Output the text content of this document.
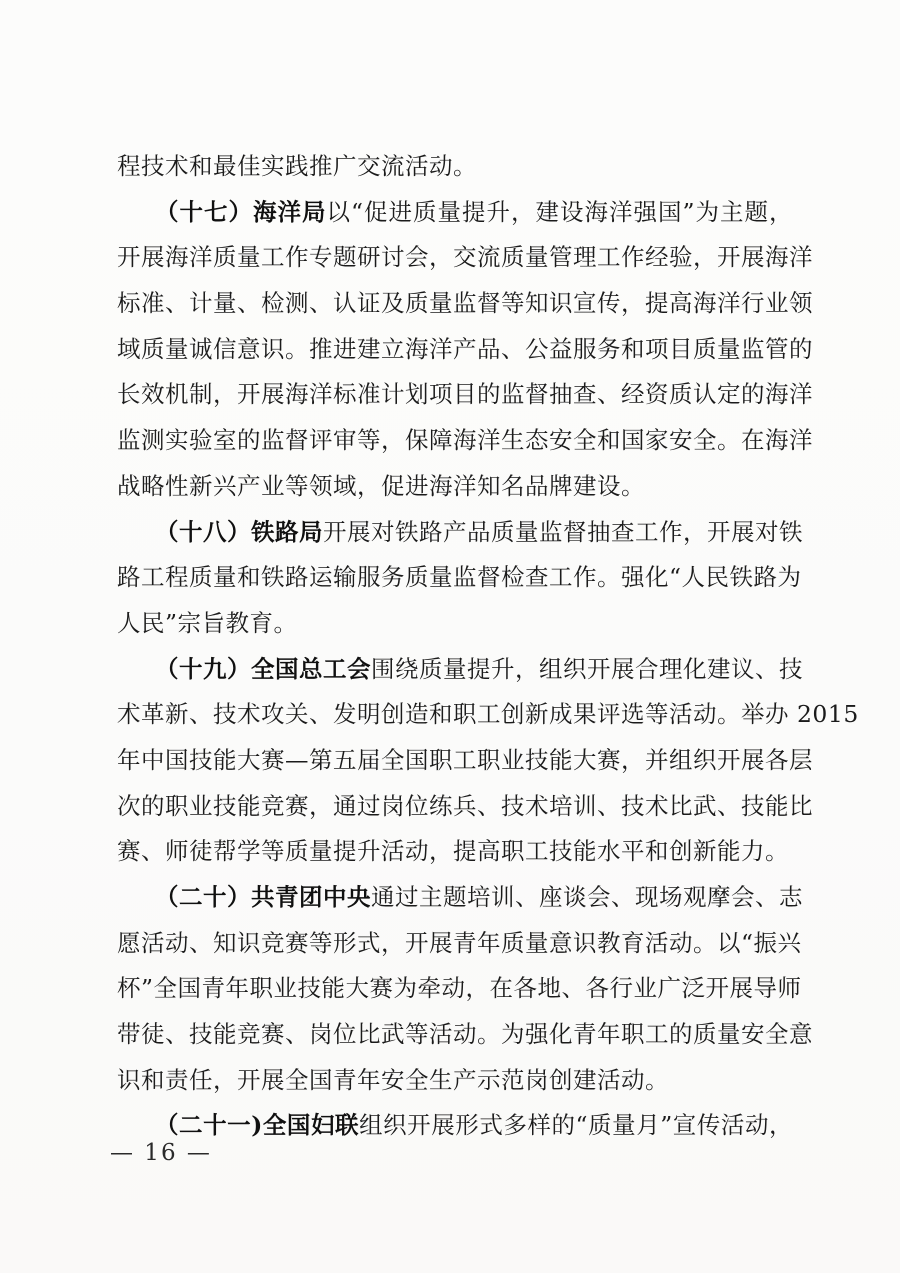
程技术和最佳实践推广交流活动。
（十七）海洋局以“促进质量提升，建设海洋强国”为主题，
开展海洋质量工作专题研讨会，交流质量管理工作经验，开展海洋
标准、计量、检测、认证及质量监督等知识宣传，提高海洋行业领
域质量诚信意识。推进建立海洋产品、公益服务和项目质量监管的
长效机制，开展海洋标准计划项目的监督抽查、经资质认定的海洋
监测实验室的监督评审等，保障海洋生态安全和国家安全。在海洋
战略性新兴产业等领域，促进海洋知名品牌建设。
（十八）铁路局开展对铁路产品质量监督抽查工作，开展对铁
路工程质量和铁路运输服务质量监督检查工作。强化“人民铁路为
人民”宗旨教育。
（十九）全国总工会围绕质量提升，组织开展合理化建议、技
术革新、技术攻关、发明创造和职工创新成果评选等活动。举办 2015
年中国技能大赛—第五届全国职工职业技能大赛，并组织开展各层
次的职业技能竞赛，通过岗位练兵、技术培训、技术比武、技能比
赛、师徒帮学等质量提升活动，提高职工技能水平和创新能力。
（二十）共青团中央通过主题培训、座谈会、现场观摩会、志
愿活动、知识竞赛等形式，开展青年质量意识教育活动。以“振兴
杯”全国青年职业技能大赛为牵动，在各地、各行业广泛开展导师
带徒、技能竞赛、岗位比武等活动。为强化青年职工的质量安全意
识和责任，开展全国青年安全生产示范岗创建活动。
（二十一)全国妇联组织开展形式多样的“质量月”宣传活动，
— 16 —
